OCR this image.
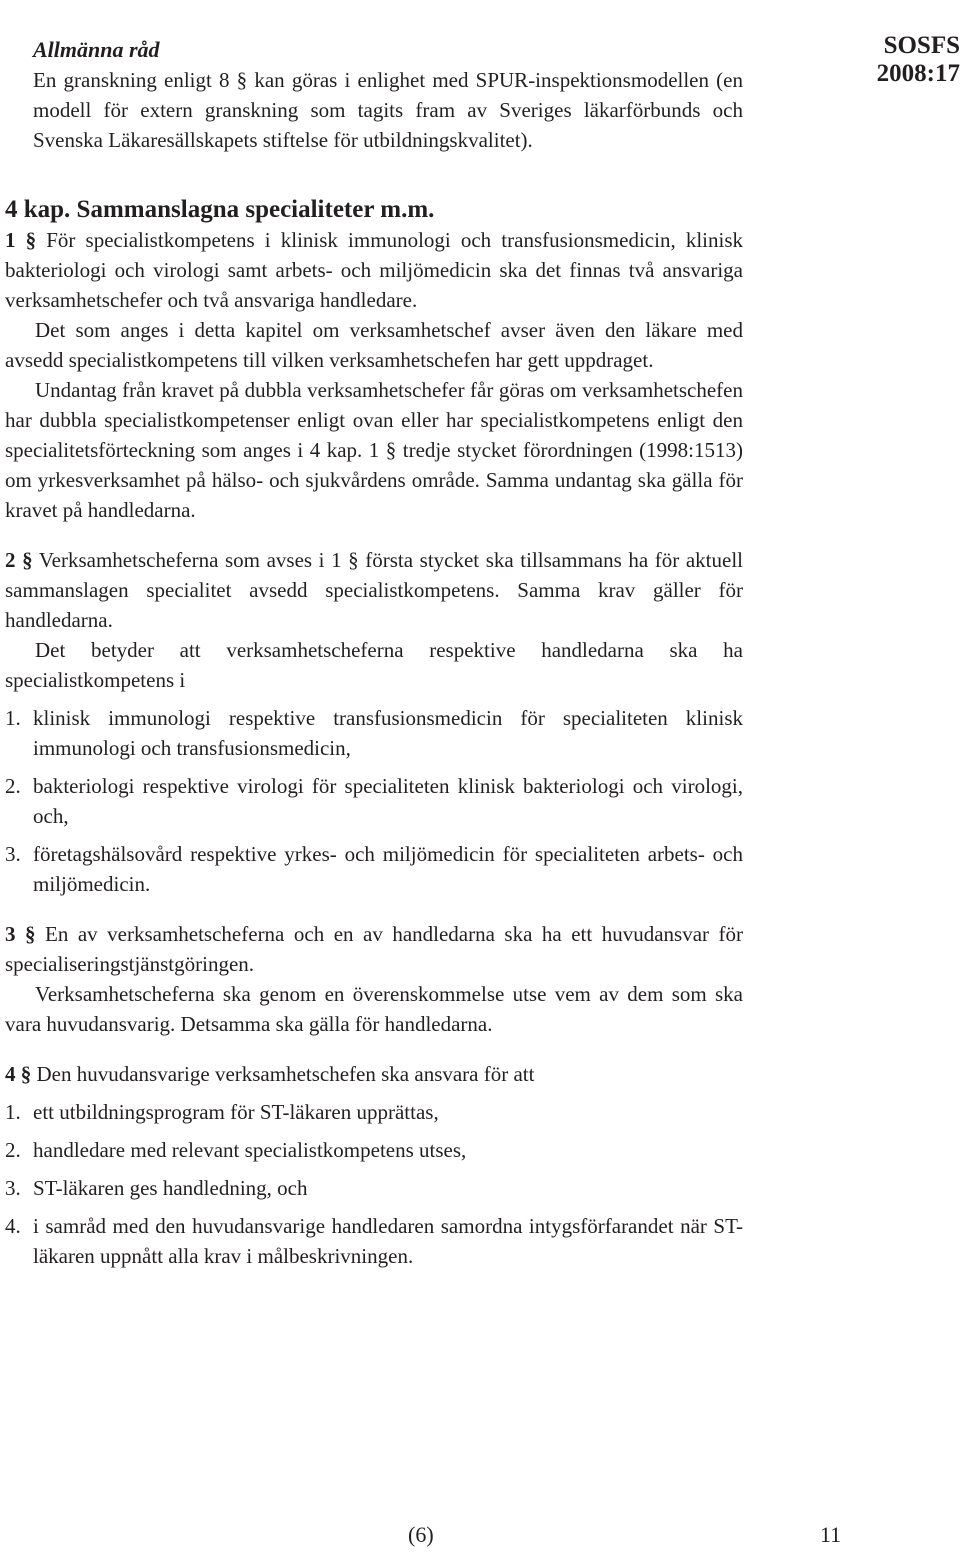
SOSFS
2008:17
Allmänna råd

En granskning enligt 8 § kan göras i enlighet med SPUR-inspektionsmodellen (en modell för extern granskning som tagits fram av Sveriges läkarförbunds och Svenska Läkaresällskapets stiftelse för utbildningskvalitet).

4 kap. Sammanslagna specialiteter m.m.

1 § För specialistkompetens i klinisk immunologi och transfusionsmedicin, klinisk bakteriologi och virologi samt arbets- och miljömedicin ska det finnas två ansvariga verksamhetschefer och två ansvariga handledare.

Det som anges i detta kapitel om verksamhetschef avser även den läkare med avsedd specialistkompetens till vilken verksamhetschefen har gett uppdraget.

Undantag från kravet på dubbla verksamhetschefer får göras om verksamhetschefen har dubbla specialistkompetenser enligt ovan eller har specialistkompetens enligt den specialitetsförteckning som anges i 4 kap. 1 § tredje stycket förordningen (1998:1513) om yrkesverksamhet på hälso- och sjukvårdens område. Samma undantag ska gälla för kravet på handledarna.

2 § Verksamhetscheferna som avses i 1 § första stycket ska tillsammans ha för aktuell sammanslagen specialitet avsedd specialistkompetens. Samma krav gäller för handledarna.

Det betyder att verksamhetscheferna respektive handledarna ska ha specialistkompetens i

1. klinisk immunologi respektive transfusionsmedicin för specialiteten klinisk immunologi och transfusionsmedicin,
2. bakteriologi respektive virologi för specialiteten klinisk bakteriologi och virologi, och,
3. företagshälsovård respektive yrkes- och miljömedicin för specialiteten arbets- och miljömedicin.

3 § En av verksamhetscheferna och en av handledarna ska ha ett huvudansvar för specialiseringstjänstgöringen.

Verksamhetscheferna ska genom en överenskommelse utse vem av dem som ska vara huvudansvarig. Detsamma ska gälla för handledarna.

4 § Den huvudansvarige verksamhetschefen ska ansvara för att

1. ett utbildningsprogram för ST-läkaren upprättas,
2. handledare med relevant specialistkompetens utses,
3. ST-läkaren ges handledning, och
4. i samråd med den huvudansvarige handledaren samordna intygsförfarandet när ST-läkaren uppnått alla krav i målbeskrivningen.
(6)	11
